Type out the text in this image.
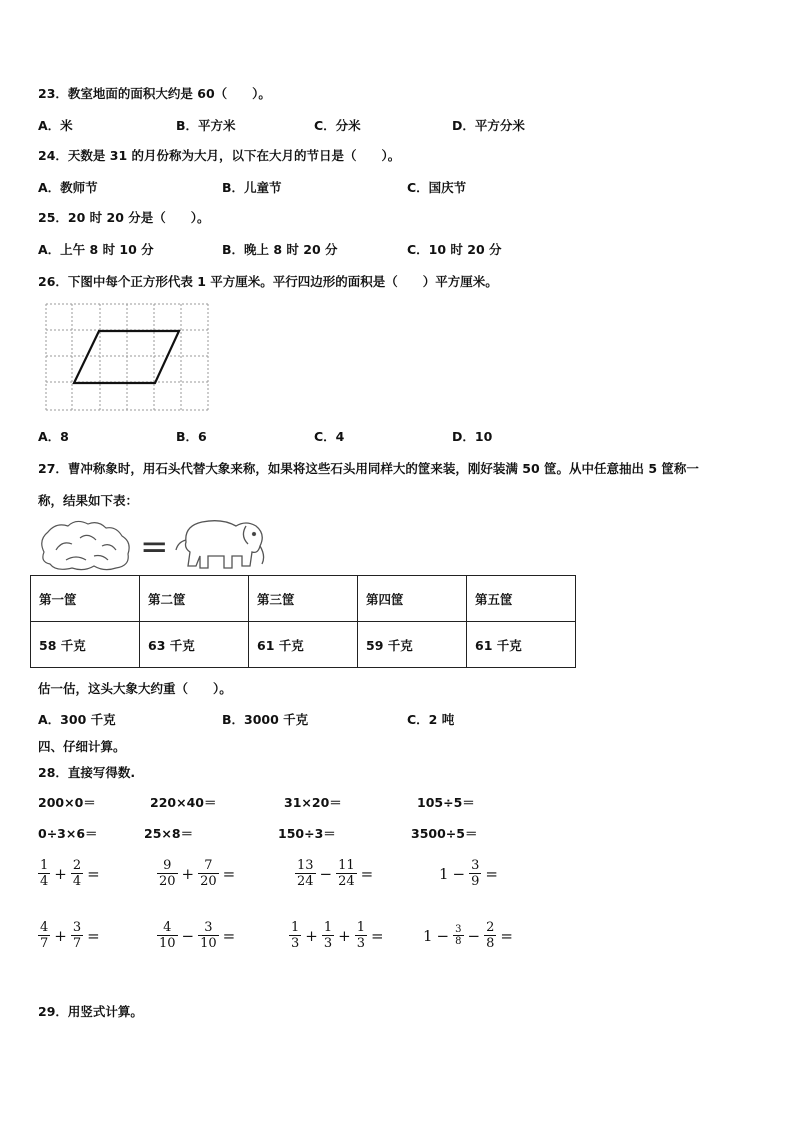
23．教室地面的面积大约是 60（　　）。
A．米	B．平方米	C．分米	D．平方分米
24．天数是 31 的月份称为大月，以下在大月的节日是（　　）。
A．教师节	B．儿童节	C．国庆节
25．20 时 20 分是（　　）。
A．上午 8 时 10 分	B．晚上 8 时 20 分	C．10 时 20 分
26．下图中每个正方形代表 1 平方厘米。平行四边形的面积是（　　）平方厘米。
A．8	B．6	C．4	D．10
27．曹冲称象时，用石头代替大象来称，如果将这些石头用同样大的筐来装，刚好装满 50 筐。从中任意抽出 5 筐称一
称，结果如下表：
=
第一筐	第二筐	第三筐	第四筐	第五筐
58 千克	63 千克	61 千克	59 千克	61 千克
估一估，这头大象大约重（　　）。
A．300 千克	B．3000 千克	C．2 吨
四、仔细计算。
28．直接写得数.
200×0＝	220×40＝	31×20＝	105÷5＝
0÷3×6＝	25×8＝	150÷3＝	3500÷5＝
$\frac{1}{4} + \frac{2}{4}$ =	$\frac{9}{20} + \frac{7}{20}$ =	$\frac{13}{24} - \frac{11}{24}$ =	$1 - \frac{3}{9}$ =
$\frac{4}{7} + \frac{3}{7}$ =	$\frac{4}{10} - \frac{3}{10}$ =	$\frac{1}{3} + \frac{1}{3} + \frac{1}{3}$ =	$1 - \frac{3}{8} - \frac{2}{8}$ =
29．用竖式计算。
